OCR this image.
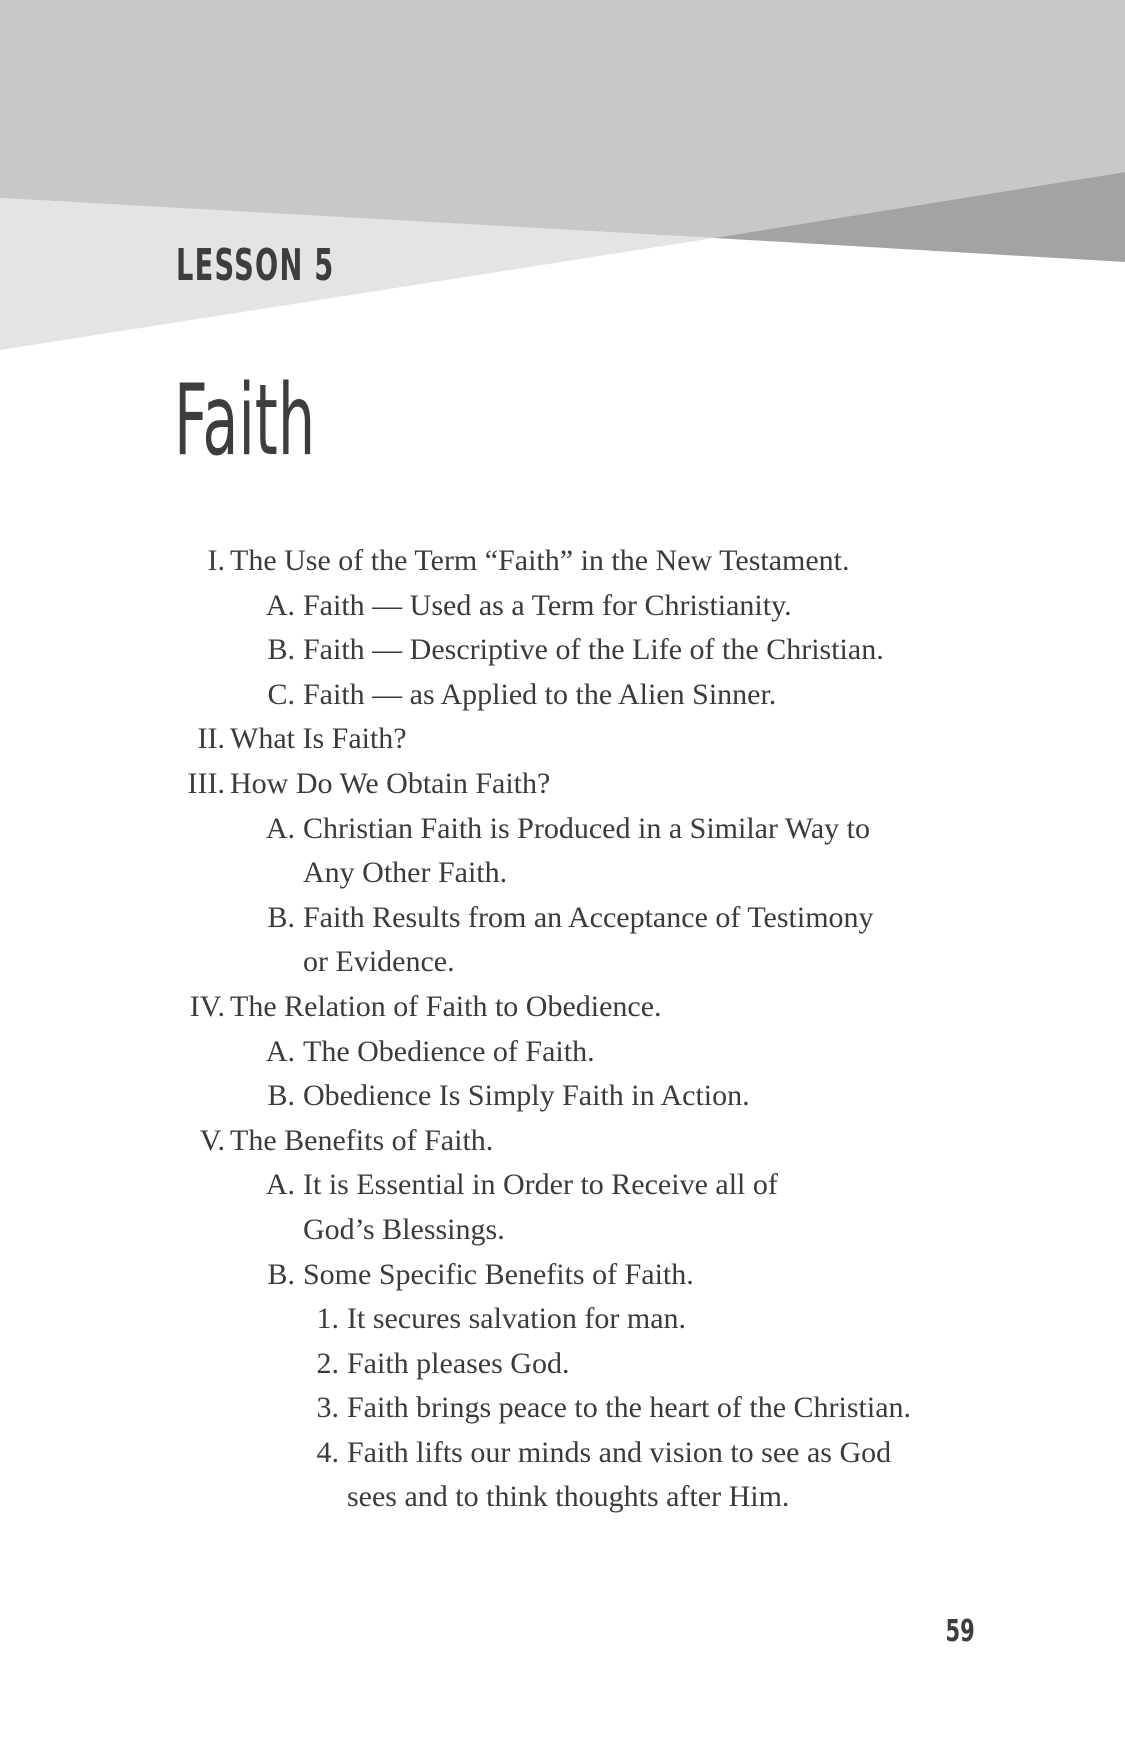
LESSON 5
Faith
I. The Use of the Term “Faith” in the New Testament.
A. Faith — Used as a Term for Christianity.
B. Faith — Descriptive of the Life of the Christian.
C. Faith — as Applied to the Alien Sinner.
II. What Is Faith?
III. How Do We Obtain Faith?
A. Christian Faith is Produced in a Similar Way to
Any Other Faith.
B. Faith Results from an Acceptance of Testimony
or Evidence.
IV. The Relation of Faith to Obedience.
A. The Obedience of Faith.
B. Obedience Is Simply Faith in Action.
V. The Benefits of Faith.
A. It is Essential in Order to Receive all of
God’s Blessings.
B. Some Specific Benefits of Faith.
1. It secures salvation for man.
2. Faith pleases God.
3. Faith brings peace to the heart of the Christian.
4. Faith lifts our minds and vision to see as God
sees and to think thoughts after Him.
59
